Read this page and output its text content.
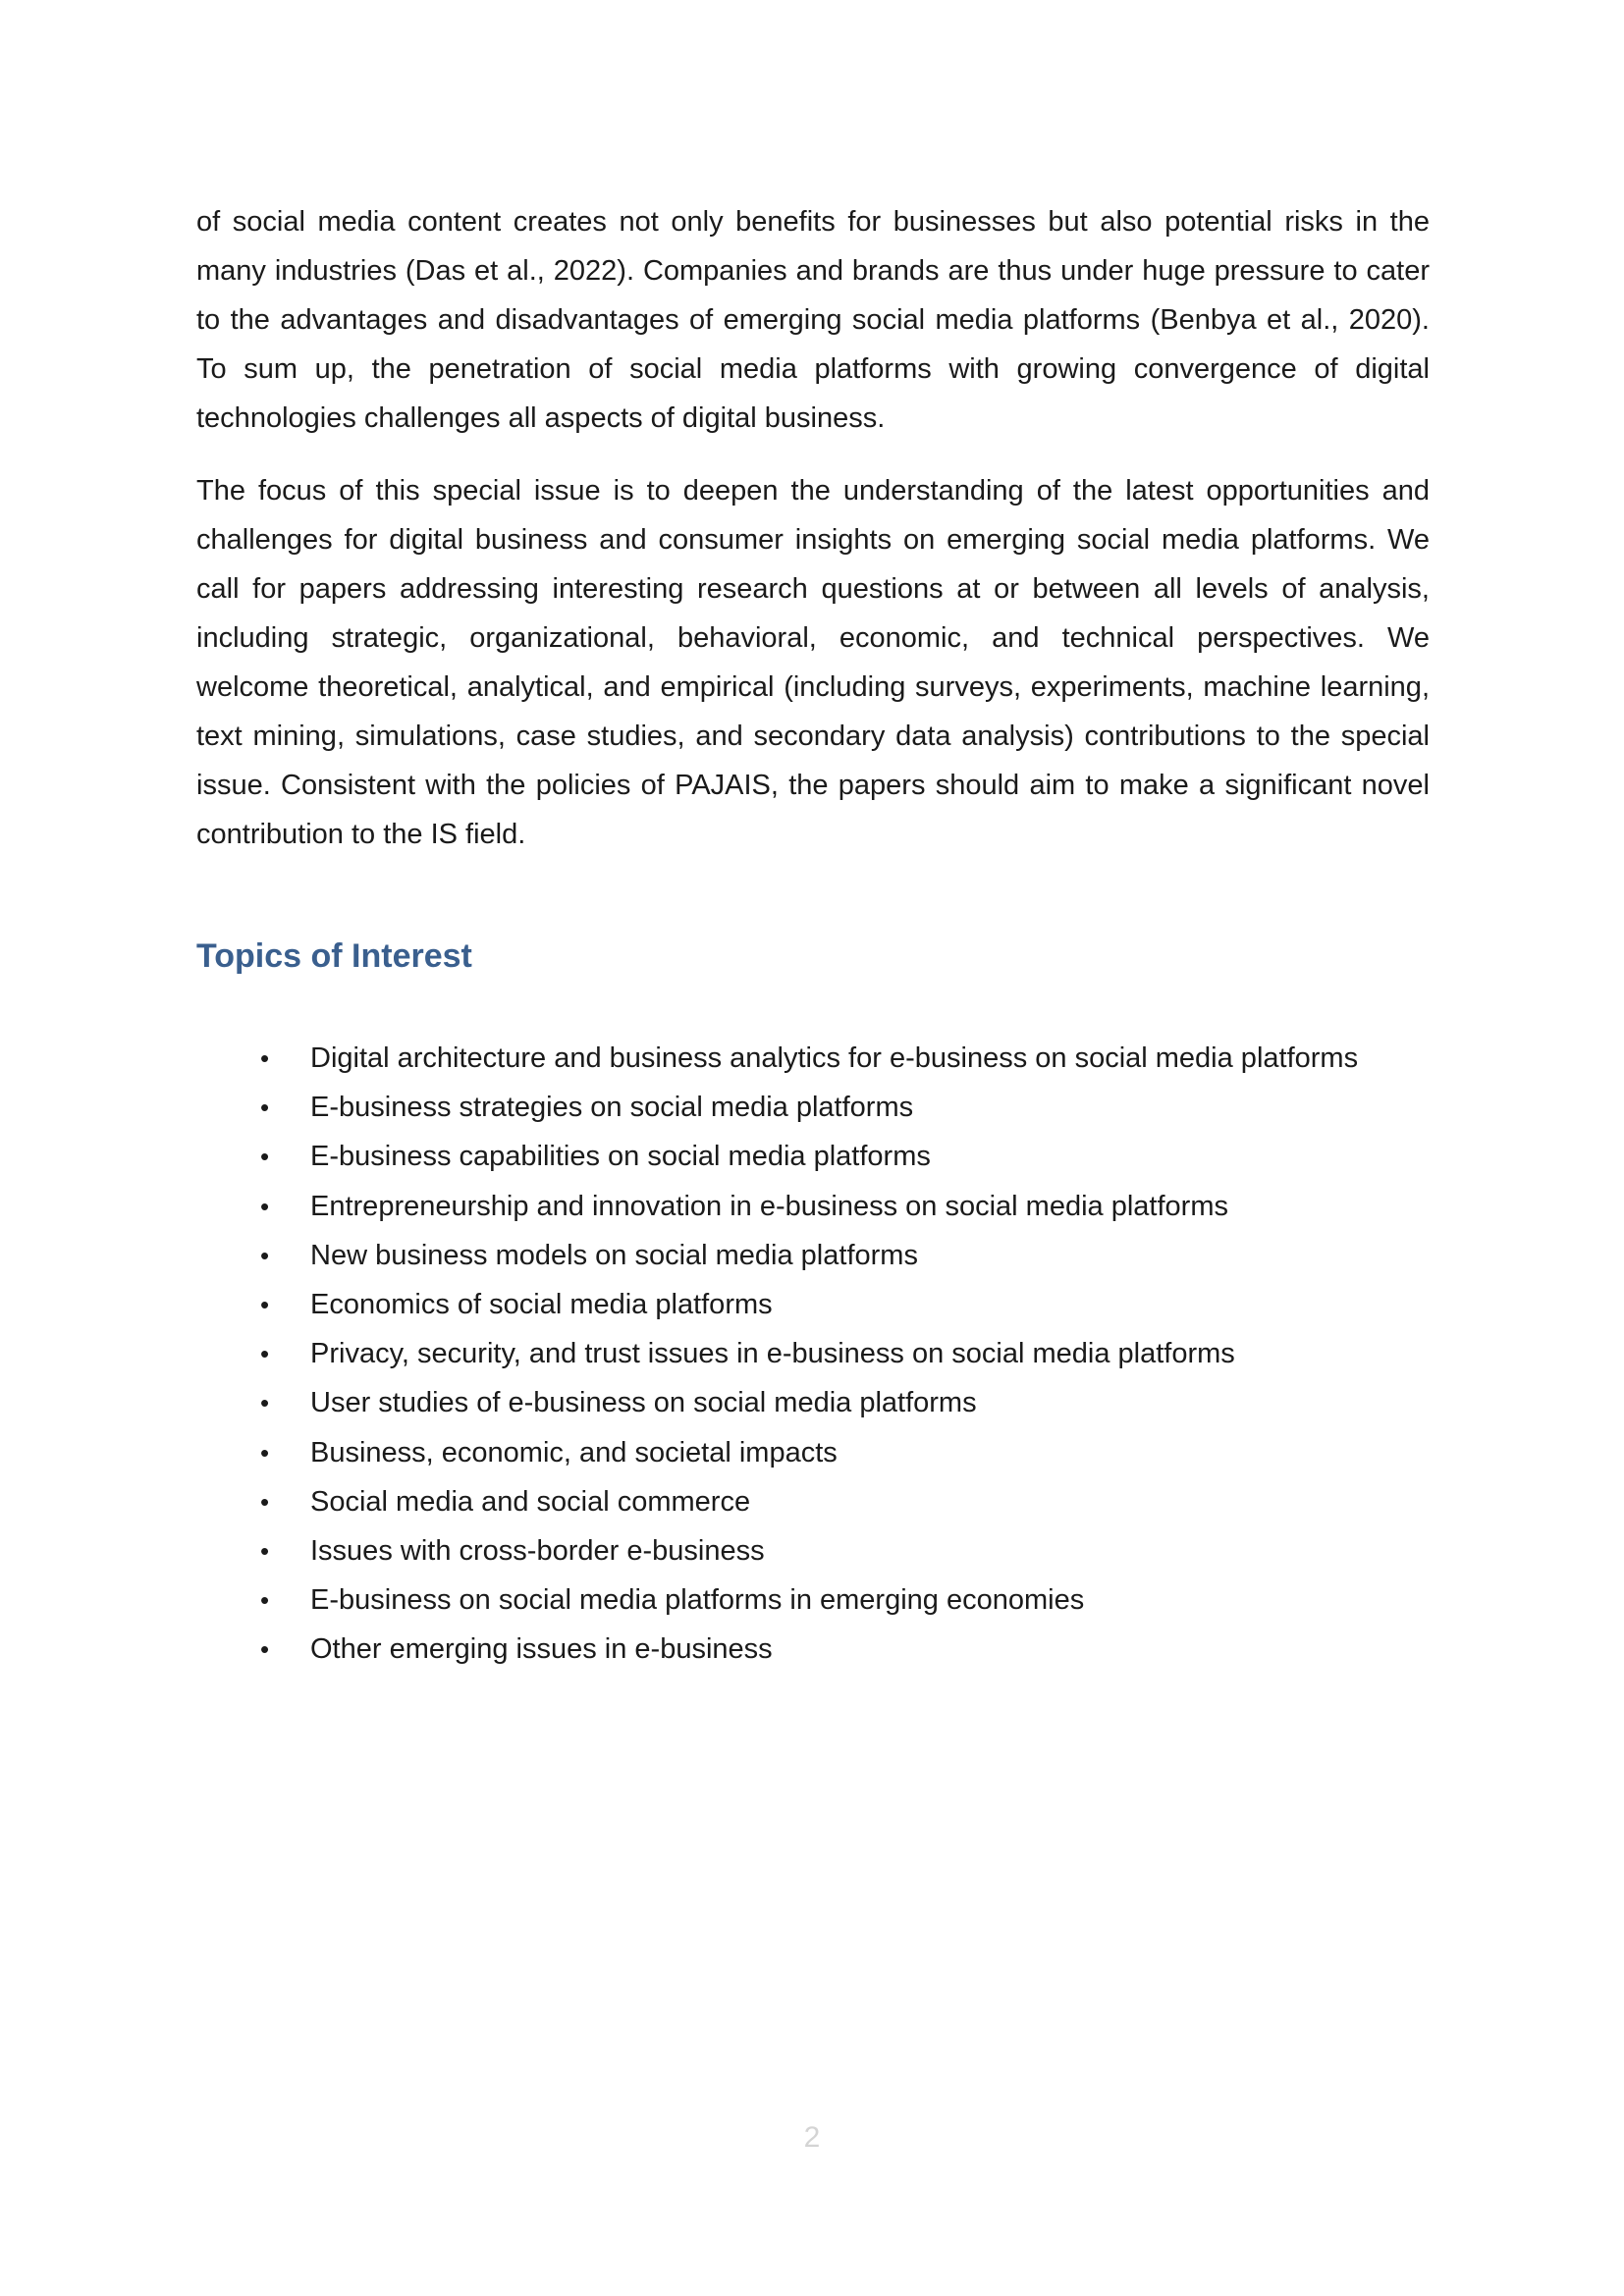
of social media content creates not only benefits for businesses but also potential risks in the many industries (Das et al., 2022). Companies and brands are thus under huge pressure to cater to the advantages and disadvantages of emerging social media platforms (Benbya et al., 2020). To sum up, the penetration of social media platforms with growing convergence of digital technologies challenges all aspects of digital business.

The focus of this special issue is to deepen the understanding of the latest opportunities and challenges for digital business and consumer insights on emerging social media platforms. We call for papers addressing interesting research questions at or between all levels of analysis, including strategic, organizational, behavioral, economic, and technical perspectives. We welcome theoretical, analytical, and empirical (including surveys, experiments, machine learning, text mining, simulations, case studies, and secondary data analysis) contributions to the special issue. Consistent with the policies of PAJAIS, the papers should aim to make a significant novel contribution to the IS field.

Topics of Interest
• Digital architecture and business analytics for e-business on social media platforms
• E-business strategies on social media platforms
• E-business capabilities on social media platforms
• Entrepreneurship and innovation in e-business on social media platforms
• New business models on social media platforms
• Economics of social media platforms
• Privacy, security, and trust issues in e-business on social media platforms
• User studies of e-business on social media platforms
• Business, economic, and societal impacts
• Social media and social commerce
• Issues with cross-border e-business
• E-business on social media platforms in emerging economies
• Other emerging issues in e-business
2
